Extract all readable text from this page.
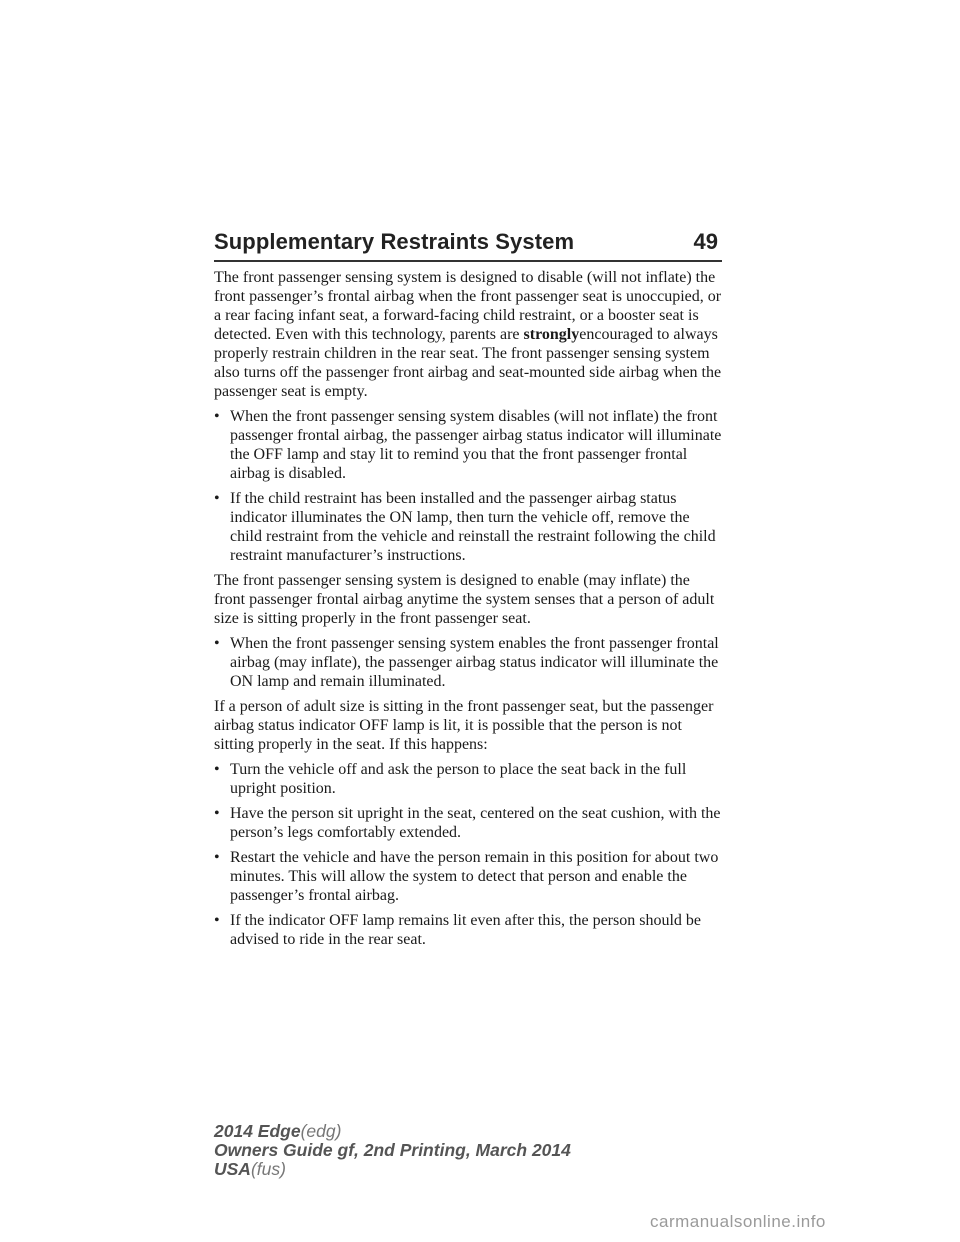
Supplementary Restraints System	49

The front passenger sensing system is designed to disable (will not inflate) the front passenger’s frontal airbag when the front passenger seat is unoccupied, or a rear facing infant seat, a forward-facing child restraint, or a booster seat is detected. Even with this technology, parents are stronglyencouraged to always properly restrain children in the rear seat. The front passenger sensing system also turns off the passenger front airbag and seat-mounted side airbag when the passenger seat is empty.

• When the front passenger sensing system disables (will not inflate) the front passenger frontal airbag, the passenger airbag status indicator will illuminate the OFF lamp and stay lit to remind you that the front passenger frontal airbag is disabled.
• If the child restraint has been installed and the passenger airbag status indicator illuminates the ON lamp, then turn the vehicle off, remove the child restraint from the vehicle and reinstall the restraint following the child restraint manufacturer’s instructions.

The front passenger sensing system is designed to enable (may inflate) the front passenger frontal airbag anytime the system senses that a person of adult size is sitting properly in the front passenger seat.

• When the front passenger sensing system enables the front passenger frontal airbag (may inflate), the passenger airbag status indicator will illuminate the ON lamp and remain illuminated.

If a person of adult size is sitting in the front passenger seat, but the passenger airbag status indicator OFF lamp is lit, it is possible that the person is not sitting properly in the seat. If this happens:

• Turn the vehicle off and ask the person to place the seat back in the full upright position.
• Have the person sit upright in the seat, centered on the seat cushion, with the person’s legs comfortably extended.
• Restart the vehicle and have the person remain in this position for about two minutes. This will allow the system to detect that person and enable the passenger’s frontal airbag.
• If the indicator OFF lamp remains lit even after this, the person should be advised to ride in the rear seat.
2014 Edge(edg)
Owners Guide gf, 2nd Printing, March 2014
USA(fus)
carmanualsonline.info
